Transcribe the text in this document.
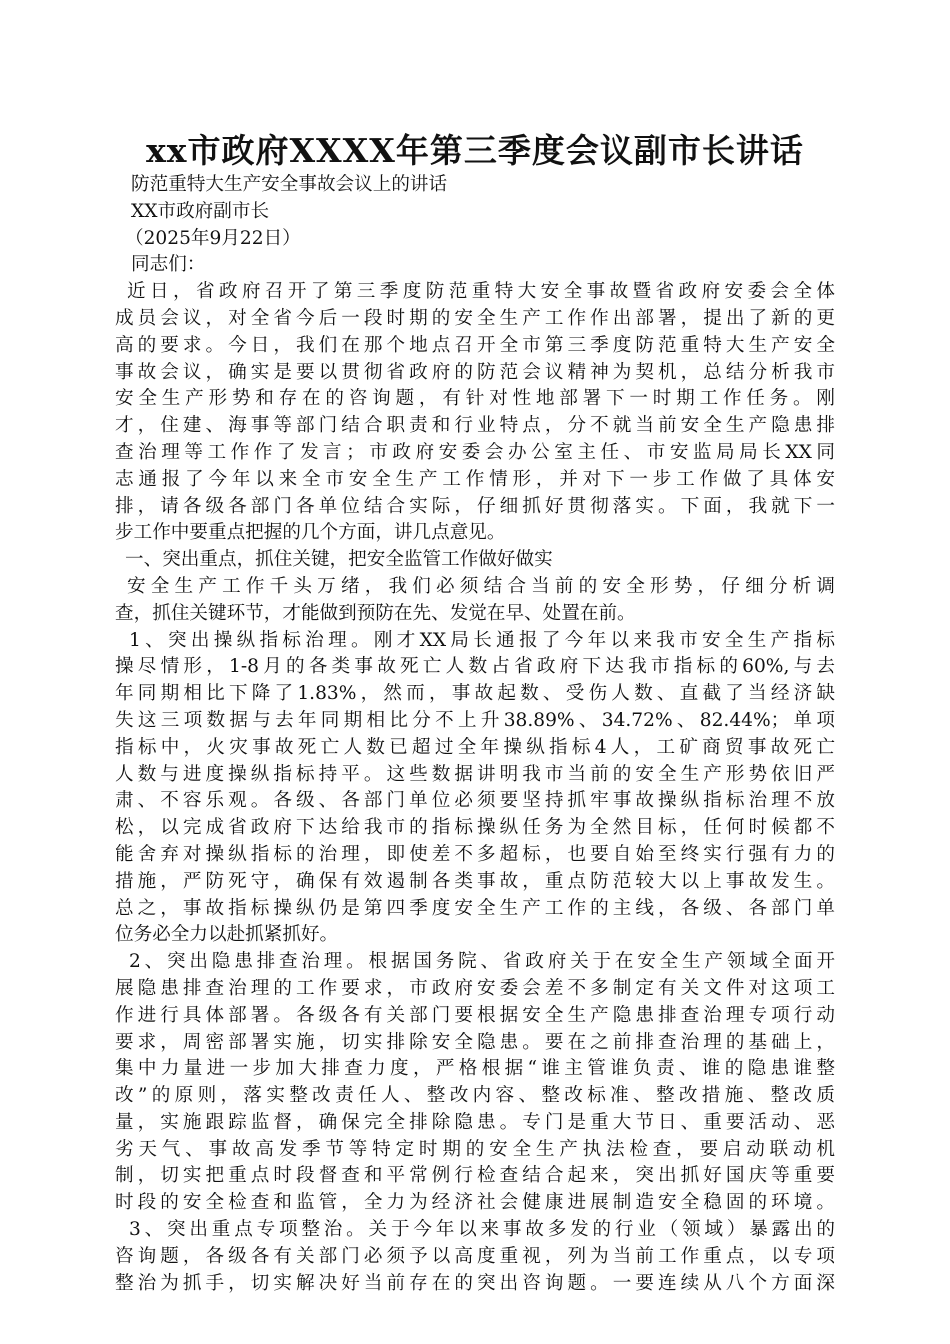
xx市政府XXXX年第三季度会议副市长讲话
防范重特大生产安全事故会议上的讲话
XX市政府副市长
（2025年9月22日）
同志们：
近日，省政府召开了第三季度防范重特大安全事故暨省政府安委会全体
成员会议，对全省今后一段时期的安全生产工作作出部署，提出了新的更
高的要求。今日，我们在那个地点召开全市第三季度防范重特大生产安全
事故会议，确实是要以贯彻省政府的防范会议精神为契机，总结分析我市
安全生产形势和存在的咨询题，有针对性地部署下一时期工作任务。刚
才，住建、海事等部门结合职责和行业特点，分不就当前安全生产隐患排
查治理等工作作了发言；市政府安委会办公室主任、市安监局局长XX同
志通报了今年以来全市安全生产工作情形，并对下一步工作做了具体安
排，请各级各部门各单位结合实际，仔细抓好贯彻落实。下面，我就下一
步工作中要重点把握的几个方面，讲几点意见。
一、突出重点，抓住关键，把安全监管工作做好做实
安全生产工作千头万绪，我们必须结合当前的安全形势，仔细分析调
查，抓住关键环节，才能做到预防在先、发觉在早、处置在前。
1、突出操纵指标治理。刚才XX局长通报了今年以来我市安全生产指标
操尽情形，1-8月的各类事故死亡人数占省政府下达我市指标的60%,与去
年同期相比下降了1.83%，然而，事故起数、受伤人数、直截了当经济缺
失这三项数据与去年同期相比分不上升38.89%、34.72%、82.44%；单项
指标中，火灾事故死亡人数已超过全年操纵指标4人，工矿商贸事故死亡
人数与进度操纵指标持平。这些数据讲明我市当前的安全生产形势依旧严
肃、不容乐观。各级、各部门单位必须要坚持抓牢事故操纵指标治理不放
松，以完成省政府下达给我市的指标操纵任务为全然目标，任何时候都不
能舍弃对操纵指标的治理，即使差不多超标，也要自始至终实行强有力的
措施，严防死守，确保有效遏制各类事故，重点防范较大以上事故发生。
总之，事故指标操纵仍是第四季度安全生产工作的主线，各级、各部门单
位务必全力以赴抓紧抓好。
2、突出隐患排查治理。根据国务院、省政府关于在安全生产领域全面开
展隐患排查治理的工作要求，市政府安委会差不多制定有关文件对这项工
作进行具体部署。各级各有关部门要根据安全生产隐患排查治理专项行动
要求，周密部署实施，切实排除安全隐患。要在之前排查治理的基础上，
集中力量进一步加大排查力度，严格根据“谁主管谁负责、谁的隐患谁整
改”的原则，落实整改责任人、整改内容、整改标准、整改措施、整改质
量，实施跟踪监督，确保完全排除隐患。专门是重大节日、重要活动、恶
劣天气、事故高发季节等特定时期的安全生产执法检查，要启动联动机
制，切实把重点时段督查和平常例行检查结合起来，突出抓好国庆等重要
时段的安全检查和监管，全力为经济社会健康进展制造安全稳固的环境。
3、突出重点专项整治。关于今年以来事故多发的行业（领域）暴露出的
咨询题，各级各有关部门必须予以高度重视，列为当前工作重点，以专项
整治为抓手，切实解决好当前存在的突出咨询题。一要连续从八个方面深
